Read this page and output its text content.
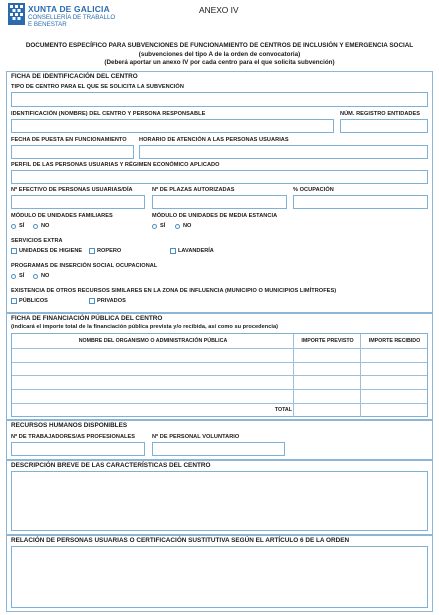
XUNTA DE GALICIA
CONSELLERÍA DE TRABALLO
E BENESTAR
ANEXO IV
DOCUMENTO ESPECÍFICO PARA SUBVENCIONES DE FUNCIONAMIENTO DE CENTROS DE INCLUSIÓN Y EMERGENCIA SOCIAL
(subvenciones del tipo A de la orden de convocatoria)
(Deberá aportar un anexo IV por cada centro para el que solicita subvención)
FICHA DE IDENTIFICACIÓN DEL CENTRO
TIPO DE CENTRO PARA EL QUE SE SOLICITA LA SUBVENCIÓN
IDENTIFICACIÓN (NOMBRE) DEL CENTRO Y PERSONA RESPONSABLE	NÚM. REGISTRO ENTIDADES
FECHA DE PUESTA EN FUNCIONAMIENTO HORARIO DE ATENCIÓN A LAS PERSONAS USUARIAS
PERFIL DE LAS PERSONAS USUARIAS Y RÉGIMEN ECONÓMICO APLICADO
Nº EFECTIVO DE PERSONAS USUARIAS/DÍA	Nº DE PLAZAS AUTORIZADAS	% OCUPACIÓN
MÓDULO DE UNIDADES FAMILIARES
SÍ	NO
MÓDULO DE UNIDADES DE MEDIA ESTANCIA
SÍ	NO
SERVICIOS EXTRA
UNIDADES DE HIGIENE	ROPERO	LAVANDERÍA
PROGRAMAS DE INSERCIÓN SOCIAL OCUPACIONAL
SÍ	NO
EXISTENCIA DE OTROS RECURSOS SIMILARES EN LA ZONA DE INFLUENCIA (MUNICIPIO O MUNICIPIOS LIMÍTROFES)
PÚBLICOS	PRIVADOS
FICHA DE FINANCIACIÓN PÚBLICA DEL CENTRO
(indicará el importe total de la financiación pública prevista y/o recibida, así como su procedencia)
NOMBRE DEL ORGANISMO O ADMINISTRACIÓN PÚBLICA	IMPORTE PREVISTO	IMPORTE RECIBIDO
TOTAL
RECURSOS HUMANOS DISPONIBLES
Nº DE TRABAJADORES/AS PROFESIONALES	Nº DE PERSONAL VOLUNTARIO
DESCRIPCIÓN BREVE DE LAS CARACTERÍSTICAS DEL CENTRO
RELACIÓN DE PERSONAS USUARIAS O CERTIFICACIÓN SUSTITUTIVA SEGÚN EL ARTÍCULO 6 DE LA ORDEN
